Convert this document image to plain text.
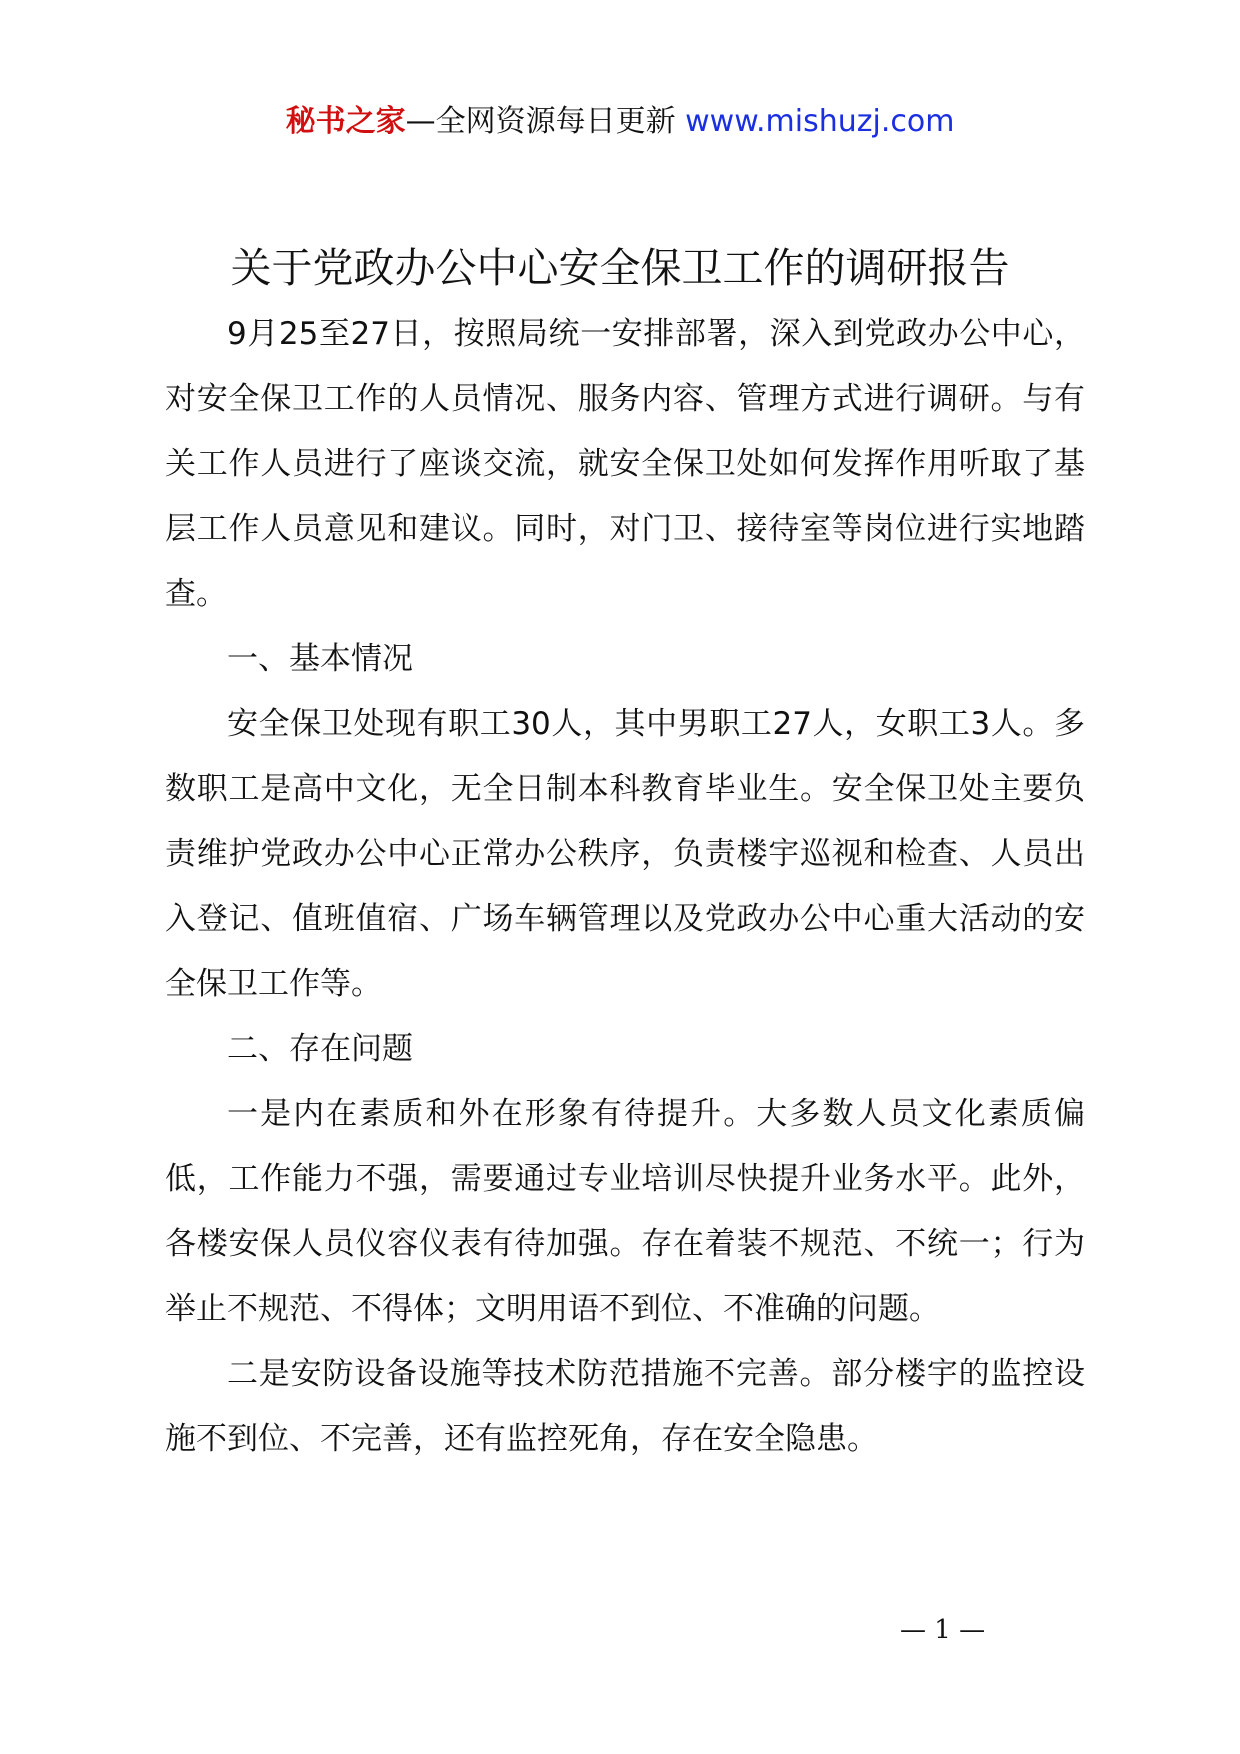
秘书之家—全网资源每日更新 www.mishuzj.com
关于党政办公中心安全保卫工作的调研报告

9月25至27日，按照局统一安排部署，深入到党政办公中心，对安全保卫工作的人员情况、服务内容、管理方式进行调研。与有关工作人员进行了座谈交流，就安全保卫处如何发挥作用听取了基层工作人员意见和建议。同时，对门卫、接待室等岗位进行实地踏查。

一、基本情况

安全保卫处现有职工30人，其中男职工27人，女职工3人。多数职工是高中文化，无全日制本科教育毕业生。安全保卫处主要负责维护党政办公中心正常办公秩序，负责楼宇巡视和检查、人员出入登记、值班值宿、广场车辆管理以及党政办公中心重大活动的安全保卫工作等。

二、存在问题

一是内在素质和外在形象有待提升。大多数人员文化素质偏低，工作能力不强，需要通过专业培训尽快提升业务水平。此外，各楼安保人员仪容仪表有待加强。存在着装不规范、不统一；行为举止不规范、不得体；文明用语不到位、不准确的问题。

二是安防设备设施等技术防范措施不完善。部分楼宇的监控设施不到位、不完善，还有监控死角，存在安全隐患。

— 1 —
